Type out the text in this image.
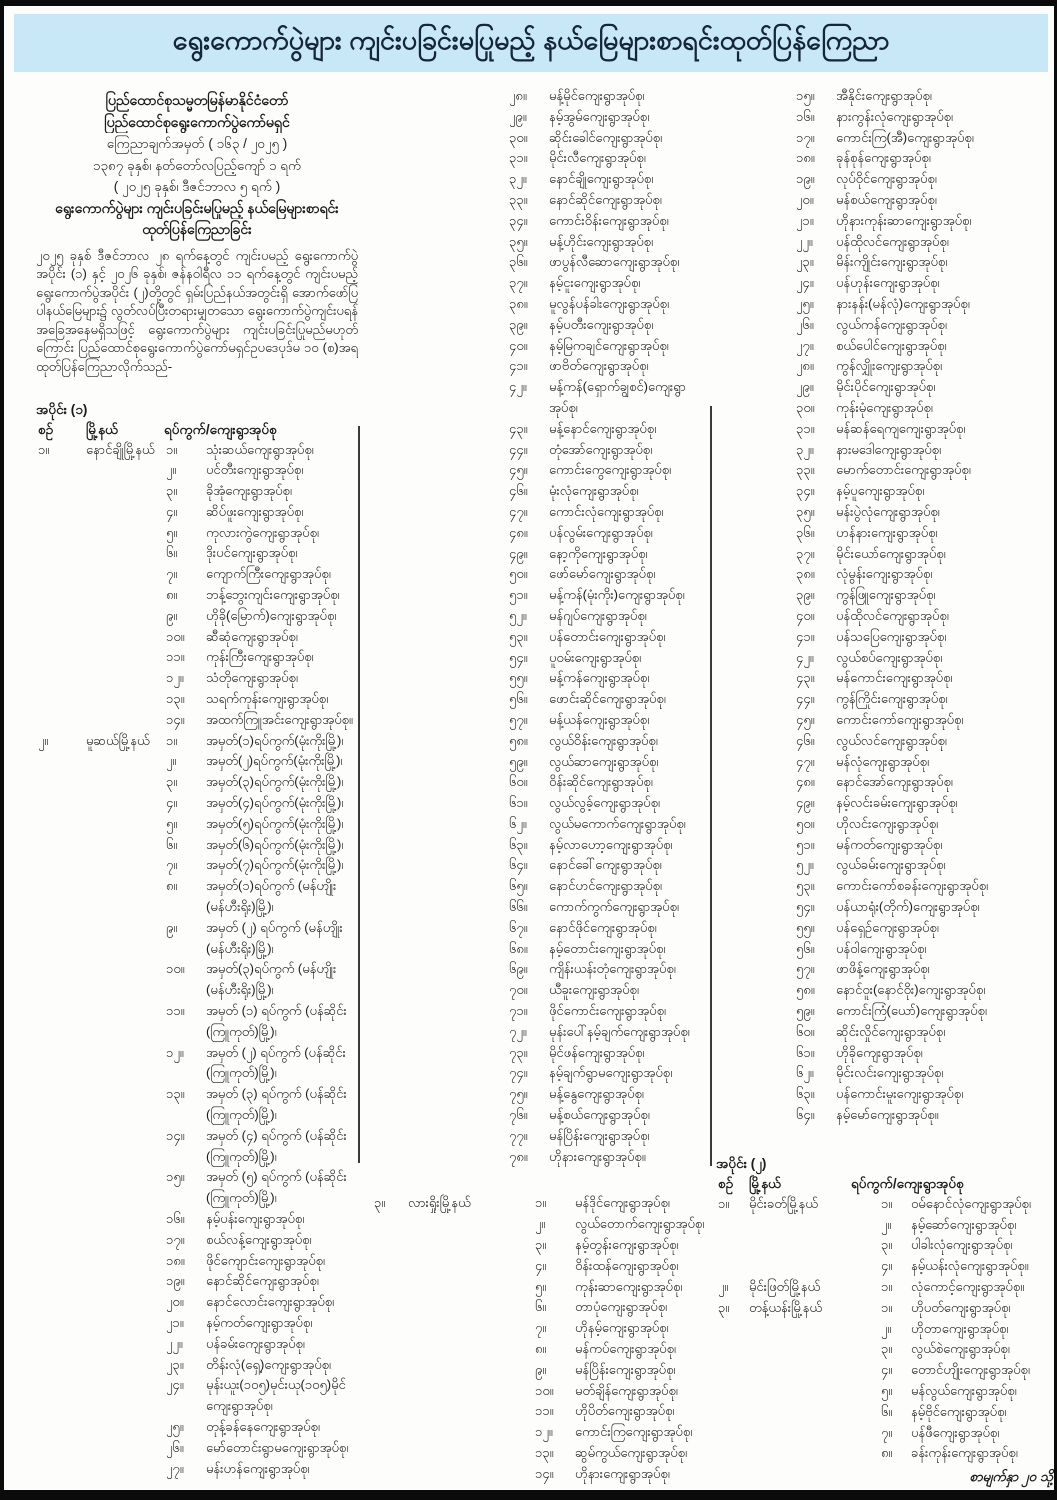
ရွေးကောက်ပွဲများ ကျင်းပခြင်းမပြုမည့် နယ်မြေများစာရင်းထုတ်ပြန်ကြေညာ
ပြည်ထောင်စုသမ္မတမြန်မာနိုင်ငံတော်
ပြည်ထောင်စုရွေးကောက်ပွဲကော်မရှင်
ကြေညာချက်အမှတ် ( ၁၆၃ / ၂၀၂၅ )
၁၃၈၇ ခုနှစ်၊ နတ်တော်လပြည့်ကျော် ၁ ရက်
( ၂၀၂၅ ခုနှစ်၊ ဒီဇင်ဘာလ ၅ ရက် )
ရွေးကောက်ပွဲများ ကျင်းပခြင်းမပြုမည့် နယ်မြေများစာရင်း
ထုတ်ပြန်ကြေညာခြင်း
၂၀၂၅ ခုနှစ် ဒီဇင်ဘာလ ၂၈ ရက်နေ့တွင် ကျင်းပမည့် ရွေးကောက်ပွဲအပိုင်း (၁) နှင့် ၂၀၂၆ ခုနှစ်၊ ဇန်နဝါရီလ ၁၁ ရက်နေ့တွင် ကျင်းပမည့် ရွေးကောက်ပွဲအပိုင်း (၂)တို့တွင် ရှမ်းပြည်နယ်အတွင်းရှိ အောက်ဖော်ပြပါနယ်မြေများ၌ လွတ်လပ်ပြီးတရားမျှတသော ရွေးကောက်ပွဲကျင်းပရန် အခြေအနေမရှိသဖြင့် ရွေးကောက်ပွဲများ ကျင်းပခြင်းပြုမည်မဟုတ်ကြောင်း ပြည်ထောင်စုရွေးကောက်ပွဲကော်မရှင်ဥပဒေပုဒ်မ ၁၀ (စ)အရ ထုတ်ပြန်ကြေညာလိုက်သည်-
အပိုင်း (၁)
စဉ် မြို့နယ်	ရပ်ကွက်/ကျေးရွာအုပ်စု
၁။	နောင်ချိုမြို့နယ် ၁။	သုံးဆယ်ကျေးရွာအုပ်စု၊
၂။	ပင်တီးကျေးရွာအုပ်စု၊
၃။	ခိုအုံကျေးရွာအုပ်စု၊
၄။	ဆိပ်ဖူးကျေးရွာအုပ်စု၊
၅။	ကုလားကွဲကျေးရွာအုပ်စု၊
၆။	ဒိုးပင်ကျေးရွာအုပ်စု၊
၇။	ကျောက်ကြီးကျေးရွာအုပ်စု၊
၈။	ဘန့်ဘွေးကျင်းကျေးရွာအုပ်စု၊
၉။	ဟိုခို(မြောက်)ကျေးရွာအုပ်စု၊
၁၀။	ဆီဆုံကျေးရွာအုပ်စု၊
၁၁။	ကုန်းကြီးကျေးရွာအုပ်စု၊
၁၂။	သံတိုကျေးရွာအုပ်စု၊
၁၃။	သရက်ကုန်းကျေးရွာအုပ်စု၊
၁၄။	အထက်ကြူအင်းကျေးရွာအုပ်စု။
၂။	မူဆယ်မြို့နယ် ၁။	အမှတ်(၁)ရပ်ကွက်(မုံးကိုးမြို့)၊
၂။	အမှတ်(၂)ရပ်ကွက်(မုံးကိုးမြို့)၊
၃။	အမှတ်(၃)ရပ်ကွက်(မုံးကိုးမြို့)၊
၄။	အမှတ်(၄)ရပ်ကွက်(မုံးကိုးမြို့)၊
၅။	အမှတ်(၅)ရပ်ကွက်(မုံးကိုးမြို့)၊
၆။	အမှတ်(၆)ရပ်ကွက်(မုံးကိုးမြို့)၊
၇။	အမှတ်(၇)ရပ်ကွက်(မုံးကိုးမြို့)၊
၈။	အမှတ်(၁)ရပ်ကွက် (မန်ဟျိုး (မန်ဟီးရိုး)မြို့)၊
၉။	အမှတ် (၂) ရပ်ကွက် (မန်ဟျိုး (မန်ဟီးရိုး)မြို့)၊
၁၀။	အမှတ်(၃)ရပ်ကွက် (မန်ဟျိုး (မန်ဟီးရိုး)မြို့)၊
၁၁။	အမှတ် (၁) ရပ်ကွက် (ပန်ဆိုင်း (ကြူကုတ်)မြို့)၊
၁၂။	အမှတ် (၂) ရပ်ကွက် (ပန်ဆိုင်း (ကြူကုတ်)မြို့)၊
၁၃။	အမှတ် (၃) ရပ်ကွက် (ပန်ဆိုင်း (ကြူကုတ်)မြို့)၊
၁၄။	အမှတ် (၄) ရပ်ကွက် (ပန်ဆိုင်း (ကြူကုတ်)မြို့)၊
၁၅။	အမှတ် (၅) ရပ်ကွက် (ပန်ဆိုင်း (ကြူကုတ်)မြို့)၊
၁၆။	နမ့်ပန်းကျေးရွာအုပ်စု၊
၁၇။	စယ်လန့်ကျေးရွာအုပ်စု၊
၁၈။	ဖိုင်ကျောင်းကျေးရွာအုပ်စု၊
၁၉။	နောင်ဆိုင်ကျေးရွာအုပ်စု၊
၂၀။	နောင်လောင်းကျေးရွာအုပ်စု၊
၂၁။	နမ့်ကတ်ကျေးရွာအုပ်စု၊
၂၂။	ပန်ခမ်းကျေးရွာအုပ်စု၊
၂၃။	တိန်းလုံ(ရှေ့)ကျေးရွာအုပ်စု၊
၂၄။	မုန်းယူး(၁၀၅)မုင်းယု(၁၀၅)မိုင် ကျေးရွာအုပ်စု၊
၂၅။	တုန့်ခန်နေကျေးရွာအုပ်စု၊
၂၆။	မော်တောင်းရွာမကျေးရွာအုပ်စု၊
၂၇။	မန်းဟန်ကျေးရွာအုပ်စု၊
၂၈။	မန့်မိုင်ကျေးရွာအုပ်စု၊
၂၉။	နမ့်အွမ်ကျေးရွာအုပ်စု၊
၃၀။	ဆိုင်းခေါင်ကျေးရွာအုပ်စု၊
၃၁။	မိုင်းလီကျေးရွာအုပ်စု၊
၃၂။	နောင်ချိုကျေးရွာအုပ်စု၊
၃၃။	နောင်ဆိုင်ကျေးရွာအုပ်စု၊
၃၄။	ကောင်းဝိန်းကျေးရွာအုပ်စု၊
၃၅။	မန့်ဟိုင်းကျေးရွာအုပ်စု၊
၃၆။	ဖာပွန်လီဆောကျေးရွာအုပ်စု၊
၃၇။	နမ့်ငူးကျေးရွာအုပ်စု၊
၃၈။	မူလွန်ပန်ခါးကျေးရွာအုပ်စု၊
၃၉။	နမ့်ပတီးကျေးရွာအုပ်စု၊
၄၀။	နမ့်မြကချင်ကျေးရွာအုပ်စု၊
၄၁။	ဖာဗိတ်ကျေးရွာအုပ်စု၊
၄၂။	မန့်ကန်(ရှောက်ချွစင်)ကျေးရွာ အုပ်စု၊
၄၃။	မန့်နောင်ကျေးရွာအုပ်စု၊
၄၄။	တုံအော်ကျေးရွာအုပ်စု၊
၄၅။	ကောင်းကွေကျေးရွာအုပ်စု၊
၄၆။	မုံးလုံကျေးရွာအုပ်စု၊
၄၇။	ကောင်းလုံကျေးရွာအုပ်စု၊
၄၈။	ပန်လွမ်းကျေးရွာအုပ်စု၊
၄၉။	နော့ကိုကျေးရွာအုပ်စု၊
၅၀။	ဖော်မော်ကျေးရွာအုပ်စု၊
၅၁။	မန့်ကန်(မုံးကိုး)ကျေးရွာအုပ်စု၊
၅၂။	မန်ဂျပ်ကျေးရွာအုပ်စု၊
၅၃။	ပန်တောင်းကျေးရွာအုပ်စု၊
၅၄။	ပူဝမ်းကျေးရွာအုပ်စု၊
၅၅။	မန့်ကန်ကျေးရွာအုပ်စု၊
၅၆။	ဖောင်းဆိုင်ကျေးရွာအုပ်စု၊
၅၇။	မန့်ယန်ကျေးရွာအုပ်စု၊
၅၈။	လွယ်ဝိန်းကျေးရွာအုပ်စု၊
၅၉။	လွယ်ဆာကျေးရွာအုပ်စု၊
၆၀။	ဝိန်းဆိုင်ကျေးရွာအုပ်စု၊
၆၁။	လွယ်လွခ့်ကျေးရွာအုပ်စု၊
၆၂။	လွယ်မကောက်ကျေးရွာအုပ်စု၊
၆၃။	နမ့်လာဟော့ကျေးရွာအုပ်စု၊
၆၄။	နောင်ခေါ်ကျေးရွာအုပ်စု၊
၆၅။	နောင်ဟင်ကျေးရွာအုပ်စု၊
၆၆။	ကောက်ကွက်ကျေးရွာအုပ်စု၊
၆၇။	နောင်ဖိုင်ကျေးရွာအုပ်စု၊
၆၈။	နမ့်တောင်းကျေးရွာအုပ်စု၊
၆၉။	ကျိန်းယန်းတုံကျေးရွာအုပ်စု၊
၇၀။	ယီခူးကျေးရွာအုပ်စု၊
၇၁။	ဖိုင်ကောင်းကျေးရွာအုပ်စု၊
၇၂။	မုန်းပေါ်နမ့်ချက်ကျေးရွာအုပ်စု၊
၇၃။	မိုင်ဖန်ကျေးရွာအုပ်စု၊
၇၄။	နမ့်ချက်ရွာမကျေးရွာအုပ်စု၊
၇၅။	မန့်နွေကျေးရွာအုပ်စု၊
၇၆။	မန့်စယ်ကျေးရွာအုပ်စု၊
၇၇။	မန်ပြိန်းကျေးရွာအုပ်စု၊
၇၈။	ဟိုနားကျေးရွာအုပ်စု။
၃။ လားရှိုးမြို့နယ်	၁။	မန်ဒိုင်ကျေးရွာအုပ်စု၊
၂။	လွယ်တောက်ကျေးရွာအုပ်စု၊
၃။	နမ့်တွန်းကျေးရွာအုပ်စု၊
၄။	ဝိန်းထန်ကျေးရွာအုပ်စု၊
၅။	ကုန်းဆာကျေးရွာအုပ်စု၊
၆။	တာပုံကျေးရွာအုပ်စု၊
၇။	ဟိုနမ့်ကျေးရွာအုပ်စု၊
၈။	မန်ကပ်ကျေးရွာအုပ်စု၊
၉။	မန်ပြိန်းကျေးရွာအုပ်စု၊
၁၀။	မတ်ချိန်ကျေးရွာအုပ်စု၊
၁၁။	ဟိုပိတ်ကျေးရွာအုပ်စု၊
၁၂။	ကောင်းကြကျေးရွာအုပ်စု၊
၁၃။	ဆွမ်ကွယ်ကျေးရွာအုပ်စု၊
၁၄။	ဟိုနားကျေးရွာအုပ်စု၊
၁၅။	အီနိုင်းကျေးရွာအုပ်စု၊
၁၆။	နားကွန်းလုံကျေးရွာအုပ်စု၊
၁၇။	ကောင်းကြ(အီ)ကျေးရွာအုပ်စု၊
၁၈။	ခုန်စုန်ကျေးရွာအုပ်စု၊
၁၉။	လုပ်ဝိုင်ကျေးရွာအုပ်စု၊
၂၀။	မန်စယ်ကျေးရွာအုပ်စု၊
၂၁။	ဟိုနားကုန်းဆာကျေးရွာအုပ်စု၊
၂၂။	ပန်ထိုလင်ကျေးရွာအုပ်စု၊
၂၃။	မိန်းကျိုင်းကျေးရွာအုပ်စု၊
၂၄။	ပန်ဟုန်းကျေးရွာအုပ်စု၊
၂၅။	နားနန်း(မန်လုံ)ကျေးရွာအုပ်စု၊
၂၆။	လွယ်ကန်ကျေးရွာအုပ်စု၊
၂၇။	စယ်ပေါင်ကျေးရွာအုပ်စု၊
၂၈။	ကွန်လျှိုးကျေးရွာအုပ်စု၊
၂၉။	မိုင်းပိုင်ကျေးရွာအုပ်စု၊
၃၀။	ကုန်းမုံကျေးရွာအုပ်စု၊
၃၁။	မန်ဆန်ရေကျကျေးရွာအုပ်စု၊
၃၂။	နားမဒေါကျေးရွာအုပ်စု၊
၃၃။	မောက်တောင်းကျေးရွာအုပ်စု၊
၃၄။	နမ့်ပူကျေးရွာအုပ်စု၊
၃၅။	မန်းပွဲလုံကျေးရွာအုပ်စု၊
၃၆။	ဟန်နားကျေးရွာအုပ်စု၊
၃၇။	မိုင်းယော်ကျေးရွာအုပ်စု၊
၃၈။	လုံမွန်းကျေးရွာအုပ်စု၊
၃၉။	ကွန်ဖြူကျေးရွာအုပ်စု၊
၄၀။	ပန်ထိုလင်ကျေးရွာအုပ်စု၊
၄၁။	ပန်သပြေကျေးရွာအုပ်စု၊
၄၂။	လွယ်စပ်ကျေးရွာအုပ်စု၊
၄၃။	မန်ကောင်းကျေးရွာအုပ်စု၊
၄၄။	ကွန်ကြိုင်းကျေးရွာအုပ်စု၊
၄၅။	ကောင်းကော်ကျေးရွာအုပ်စု၊
၄၆။	လွယ်လင်ကျေးရွာအုပ်စု၊
၄၇။	မန်လုံကျေးရွာအုပ်စု၊
၄၈။	နောင်အော်ကျေးရွာအုပ်စု၊
၄၉။	နမ့်လင်းခမ်းကျေးရွာအုပ်စု၊
၅၀။	ဟိုလင်းကျေးရွာအုပ်စု၊
၅၁။	မန်ကတ်ကျေးရွာအုပ်စု၊
၅၂။	လွယ်ခမ်းကျေးရွာအုပ်စု၊
၅၃။	ကောင်းကော်စခန်းကျေးရွာအုပ်စု၊
၅၄။	ပန်ယာရုံး(တိုက်)ကျေးရွာအုပ်စု၊
၅၅။	ပန်ရှေဉ်ကျေးရွာအုပ်စု၊
၅၆။	ပန်ဝါကျေးရွာအုပ်စု၊
၅၇။	ဖာဖိန့်ကျေးရွာအုပ်စု၊
၅၈။	နောင်ဝူး(နောင်ဝိုး)ကျေးရွာအုပ်စု၊
၅၉။	ကောင်းကြံ(ယော်)ကျေးရွာအုပ်စု၊
၆၀။	ဆိုင်းလှိုင်ကျေးရွာအုပ်စု၊
၆၁။	ဟိုခိုကျေးရွာအုပ်စု၊
၆၂။	မိုင်းလင်းကျေးရွာအုပ်စု၊
၆၃။	ပန်ကောင်းမူးကျေးရွာအုပ်စု၊
၆၄။	နမ့်မော်ကျေးရွာအုပ်စု။
အပိုင်း (၂)
စဉ် မြို့နယ်	ရပ်ကွက်/ကျေးရွာအုပ်စု
၁။ မိုင်းခတ်မြို့နယ်	၁။	ဝမ်နောင်လုံကျေးရွာအုပ်စု၊
၂။	နမ့်ဆော်ကျေးရွာအုပ်စု၊
၃။	ပါခါးလုံကျေးရွာအုပ်စု၊
၄။	နမ့်ယန်းလုံကျေးရွာအုပ်စု။
၂။ မိုင်းဖြတ်မြို့နယ်	၁။	လုံကောင့်ကျေးရွာအုပ်စု။
၃။ တန့်ယန်းမြို့နယ်	၁။	ဟိုပတ်ကျေးရွာအုပ်စု၊
၂။	ဟိုတာကျေးရွာအုပ်စု၊
၃။	လွယ်စဲကျေးရွာအုပ်စု၊
၄။	တောင်ဟျိုးကျေးရွာအုပ်စု၊
၅။	မန်လွယ်ကျေးရွာအုပ်စု၊
၆။	နမ့်ဗိုင်ကျေးရွာအုပ်စု၊
၇။	ပန်ဖီကျေးရွာအုပ်စု၊
၈။	ခန်းကုန်းကျေးရွာအုပ်စု၊
စာမျက်နှာ ၂၀ သို့
